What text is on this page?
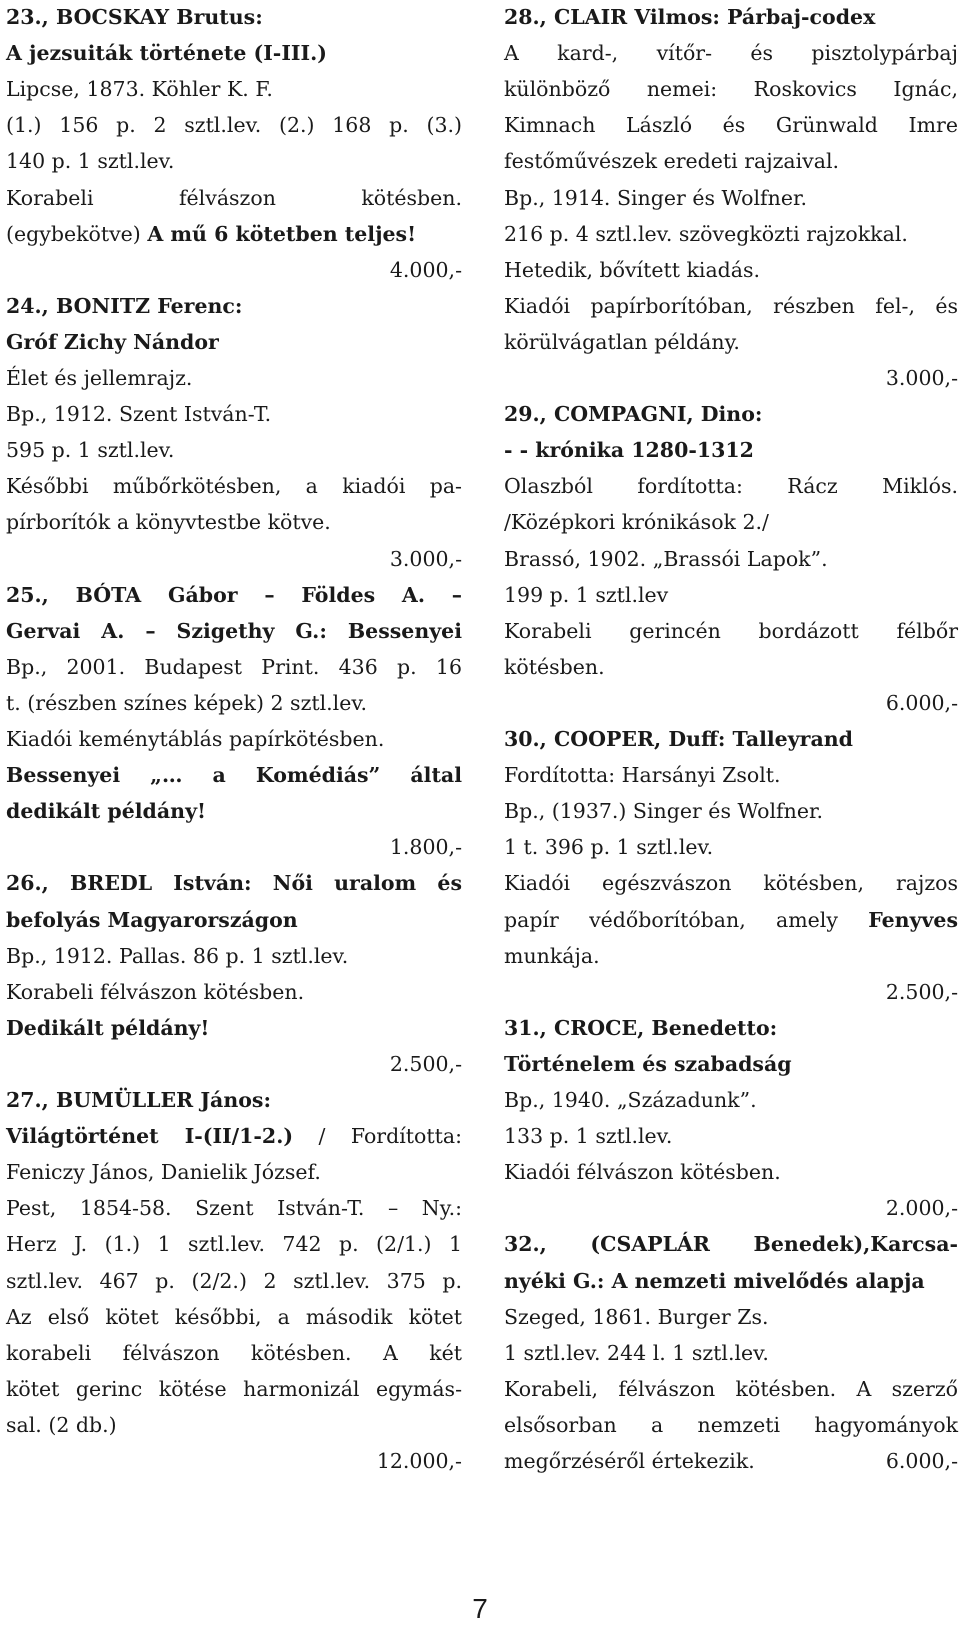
23., BOCSKAY Brutus:
A jezsuiták története (I-III.)
Lipcse, 1873. Köhler K. F.
(1.) 156 p. 2 sztl.lev. (2.) 168 p. (3.)
140 p. 1 sztl.lev.
Korabeli félvászon kötésben.
(egybekötve) A mű 6 kötetben teljes!
4.000,-
24., BONITZ Ferenc:
Gróf Zichy Nándor
Élet és jellemrajz.
Bp., 1912. Szent István-T.
595 p. 1 sztl.lev.
Későbbi műbőrkötésben, a kiadói pa-
pírborítók a könyvtestbe kötve.
3.000,-
25., BÓTA Gábor – Földes A. –
Gervai A. – Szigethy G.: Bessenyei
Bp., 2001. Budapest Print. 436 p. 16
t. (részben színes képek) 2 sztl.lev.
Kiadói keménytáblás papírkötésben.
Bessenyei „… a Komédiás” által
dedikált példány!
1.800,-
26., BREDL István: Női uralom és
befolyás Magyarországon
Bp., 1912. Pallas. 86 p. 1 sztl.lev.
Korabeli félvászon kötésben.
Dedikált példány!
2.500,-
27., BUMÜLLER János:
Világtörténet I-(II/1-2.) / Fordította:
Feniczy János, Danielik József.
Pest, 1854-58. Szent István-T. – Ny.:
Herz J. (1.) 1 sztl.lev. 742 p. (2/1.) 1
sztl.lev. 467 p. (2/2.) 2 sztl.lev. 375 p.
Az első kötet későbbi, a második kötet
korabeli félvászon kötésben. A két
kötet gerinc kötése harmonizál egymás-
sal. (2 db.)
12.000,-
28., CLAIR Vilmos: Párbaj-codex
A kard-, vítőr- és pisztolypárbaj
különböző nemei: Roskovics Ignác,
Kimnach László és Grünwald Imre
festőművészek eredeti rajzaival.
Bp., 1914. Singer és Wolfner.
216 p. 4 sztl.lev. szövegközti rajzokkal.
Hetedik, bővített kiadás.
Kiadói papírborítóban, részben fel-, és
körülvágatlan példány.
3.000,-
29., COMPAGNI, Dino:
- - krónika 1280-1312
Olaszból fordította: Rácz Miklós.
/Középkori krónikások 2./
Brassó, 1902. „Brassói Lapok”.
199 p. 1 sztl.lev
Korabeli gerincén bordázott félbőr
kötésben.
6.000,-
30., COOPER, Duff: Talleyrand
Fordította: Harsányi Zsolt.
Bp., (1937.) Singer és Wolfner.
1 t. 396 p. 1 sztl.lev.
Kiadói egészvászon kötésben, rajzos
papír védőborítóban, amely Fenyves
munkája.
2.500,-
31., CROCE, Benedetto:
Történelem és szabadság
Bp., 1940. „Századunk”.
133 p. 1 sztl.lev.
Kiadói félvászon kötésben.
2.000,-
32., (CSAPLÁR Benedek),Karcsa-
nyéki G.: A nemzeti mivelődés alapja
Szeged, 1861. Burger Zs.
1 sztl.lev. 244 l. 1 sztl.lev.
Korabeli, félvászon kötésben. A szerző
elsősorban a nemzeti hagyományok
megőrzéséről értekezik.	6.000,-
7
